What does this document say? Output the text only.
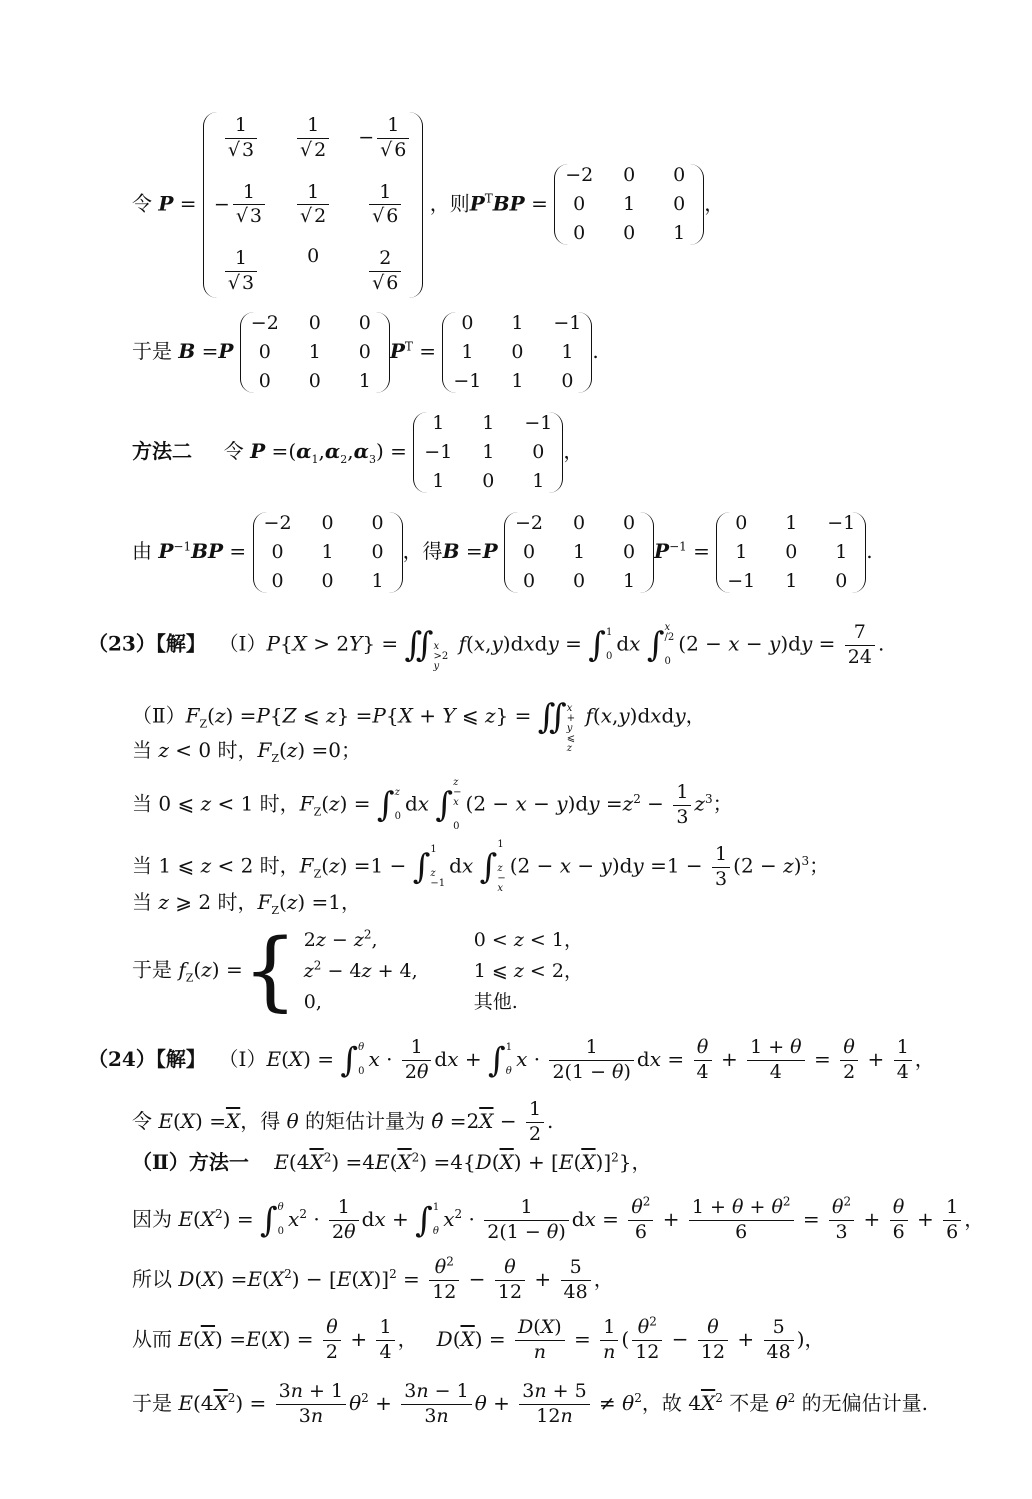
令 P =
$\frac{1}{√ 3} \frac{1}{√ 2} - \frac{1}{√ 6}$
− $\frac{1}{√ 3} \frac{1}{√ 2} \frac{1}{√ 6}$
$\frac{1}{√ 3}$	0	$\frac{2}{√ 6}$
，则$P^TBP$ =
−2	0	0
0	1	0
0	0	1
，
于是 B =P
−2	0	0
0	1	0
0	0	1
$P^T$ =
0	1	−1
1	0	1
−1	1	0
.
方法二 令 $P =(\alpha_1,\alpha_2,\alpha_3)$ =
1	1	−1
−1	1	0
1	0	1
，
由 $P^{-1}BP$ =
−2	0	0
0	1	0
0	0	1
，得B =P
−2	0	0
0	1	0
0	0	1
$P^{-1}$ =
0	1	−1
1	0	1
−1	1	0
.
（23）【解】 （Ⅰ）P{X > 2Y} = ∬
x
>2
y
f(x,y)dxdy = ∫ 1
0
dx ∫ x
/2
0
$(2 - x - y)dy = \frac{7}{24}$ .
$(Ⅱ)F_Z(z) =P\{Z$ ⩽ z} =P{X + Y ⩽ z} = ∬
x
+
y
⩽
z
f(x,y)dxdy，
当 z < 0 时，$F_Z(z) =0$；
当 0 ⩽ z < 1 时，$F_Z(z)$ = ∫ z
0
dx ∫
z
−
x
0
$(2 - x - y)dy =z^2 - \frac{1}{3} z^3$；
当 1 ⩽ z < 2 时，$F_Z(z) =1$ − ∫ 1
z
−1
dx ∫
1
z
−
x
$(2 - x - y)dy =1 - \frac{1}{3} (2 - z)^3$；
当 z ⩾ 2 时，$F_Z(z) =1$，
于是 $f_Z(z)$ ={ $2z - z^2$,	0 < z < 1，
$z^2 - 4z + 4$,	1 ⩽ z < 2，
0,	其他.
（24）【解】  （Ⅰ）E(X) = ∫ θ
0
$x \cdot \frac{1}{2\theta}$ dx + ∫ 1
θ
$x \cdot \frac{1}{2(1 - \theta)}$ dx = $\frac{\theta}{4} + \frac{1 + \theta}{4} = \frac{\theta}{2} + \frac{1}{4}$ ，
令 $E(X) =\overline{X}$，得 θ 的矩估计量为 θ̂ $=2\overline{X} - \frac{1}{2}$ .
（Ⅱ）方法一 $E(4\overline{X}^2) =4E(\overline{X}^2) =4\{D(\overline{X}) + [E(\overline{X})]^2\}$，
因为 $E(X^2)$ = ∫ θ
0
$x^2 \cdot \frac{1}{2\theta}$ dx + ∫ 1
θ
$x^2 \cdot \frac{1}{2(1 - \theta)}$ dx = $\frac{\theta^2}{6} + \frac{1 + \theta + \theta^2}{6} = \frac{\theta^2}{3} + \frac{\theta}{6} + \frac{1}{6}$ ，
所以 $D(X) =E(X^2) - [E(X)]^2 = \frac{\theta^2}{12} - \frac{\theta}{12} + \frac{5}{48}$ ，
从而 $E(\overline{X}) =E(X) = \frac{\theta}{2} + \frac{1}{4}$ ，   $D(\overline{X}) = \frac{D(X)}{n} = \frac{1}{n}$ ( $\frac{\theta^2}{12} - \frac{\theta}{12} + \frac{5}{48}$ )，
于是 $E(4\overline{X}^2) = \frac{3n + 1}{3n} \theta^2 + \frac{3n - 1}{3n}$ $\theta + \frac{3n + 5}{12n} \ne \theta^2$，故 $4\overline{X}^2$ 不是 $\theta^2$ 的无偏估计量.
